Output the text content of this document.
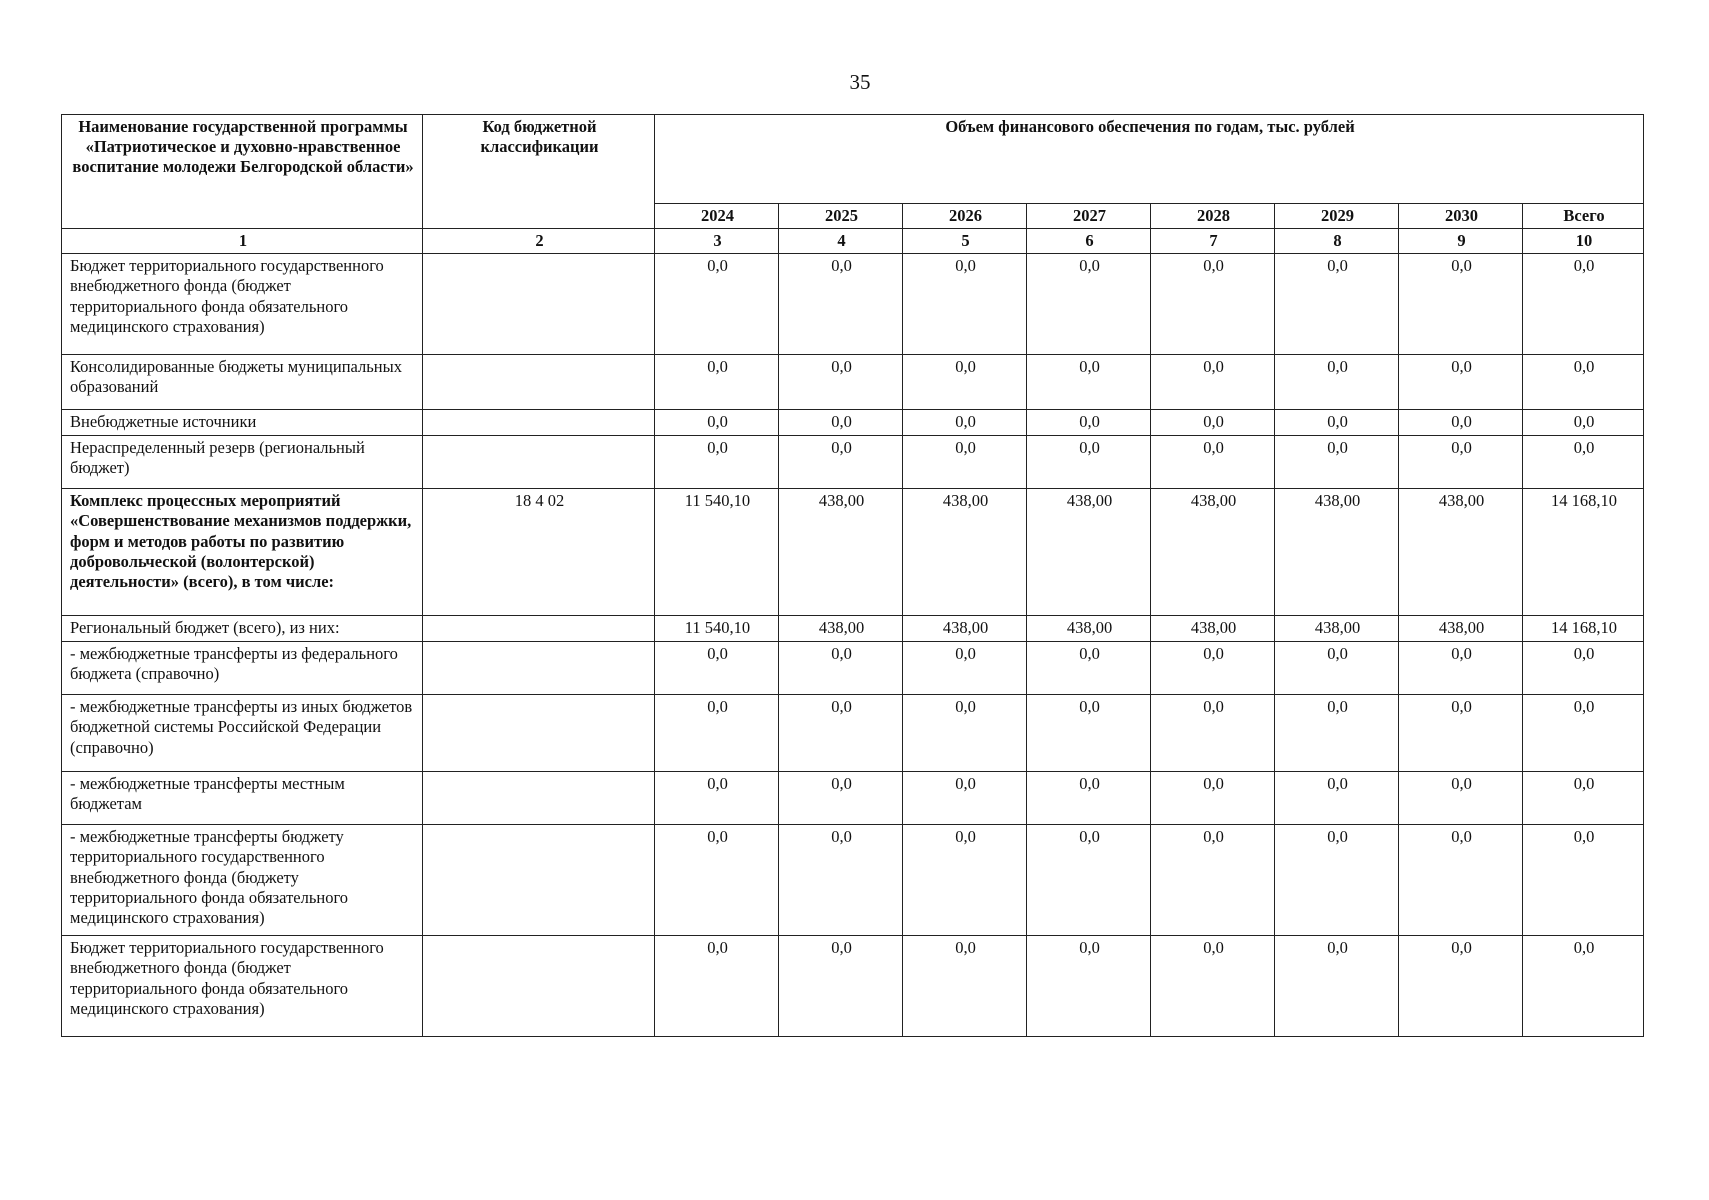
35
Наименование государственной программы «Патриотическое и духовно-нравственное воспитание молодежи Белгородской области»	Код бюджетной классификации	Объем финансового обеспечения по годам, тыс. рублей							
		2024	2025	2026	2027	2028	2029	2030	Всего
1	2	3	4	5	6	7	8	9	10
Бюджет территориального государственного внебюджетного фонда (бюджет территориального фонда обязательного медицинского страхования)		0,0	0,0	0,0	0,0	0,0	0,0	0,0	0,0
Консолидированные бюджеты муниципальных образований		0,0	0,0	0,0	0,0	0,0	0,0	0,0	0,0
Внебюджетные источники		0,0	0,0	0,0	0,0	0,0	0,0	0,0	0,0
Нераспределенный резерв (региональный бюджет)		0,0	0,0	0,0	0,0	0,0	0,0	0,0	0,0
Комплекс процессных мероприятий «Совершенствование механизмов поддержки, форм и методов работы по развитию добровольческой (волонтерской) деятельности» (всего), в том числе:	18 4 02	11 540,10	438,00	438,00	438,00	438,00	438,00	438,00	14 168,10
Региональный бюджет (всего), из них:		11 540,10	438,00	438,00	438,00	438,00	438,00	438,00	14 168,10
- межбюджетные трансферты из федерального бюджета (справочно)		0,0	0,0	0,0	0,0	0,0	0,0	0,0	0,0
- межбюджетные трансферты из иных бюджетов бюджетной системы Российской Федерации (справочно)		0,0	0,0	0,0	0,0	0,0	0,0	0,0	0,0
- межбюджетные трансферты местным бюджетам		0,0	0,0	0,0	0,0	0,0	0,0	0,0	0,0
- межбюджетные трансферты бюджету территориального государственного внебюджетного фонда (бюджету территориального фонда обязательного медицинского страхования)		0,0	0,0	0,0	0,0	0,0	0,0	0,0	0,0
Бюджет территориального государственного внебюджетного фонда (бюджет территориального фонда обязательного медицинского страхования)		0,0	0,0	0,0	0,0	0,0	0,0	0,0	0,0
